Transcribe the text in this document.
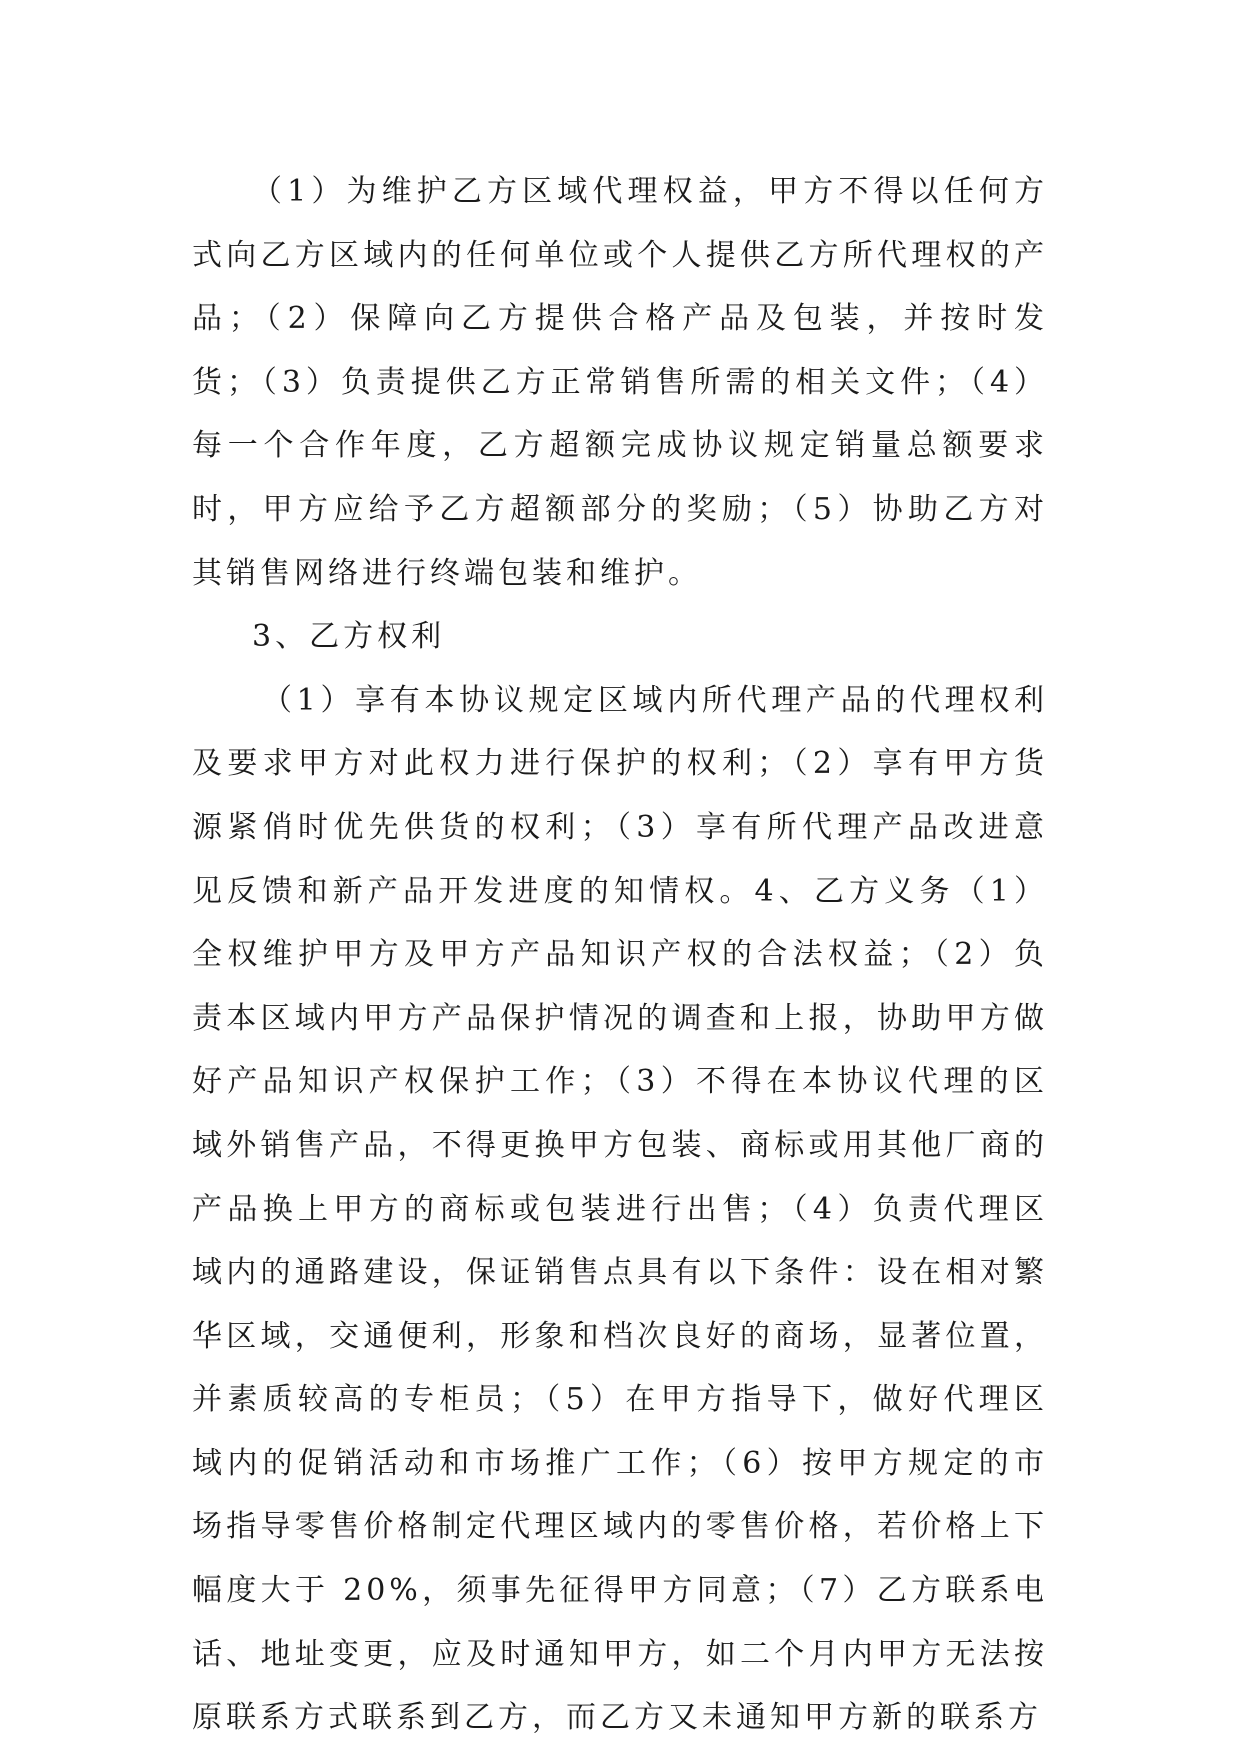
（1）为维护乙方区域代理权益，甲方不得以任何方式向乙方区域内的任何单位或个人提供乙方所代理权的产品；（2）保障向乙方提供合格产品及包装，并按时发货；（3）负责提供乙方正常销售所需的相关文件；（4）每一个合作年度，乙方超额完成协议规定销量总额要求时，甲方应给予乙方超额部分的奖励；（5）协助乙方对其销售网络进行终端包装和维护。

3、乙方权利

（1）享有本协议规定区域内所代理产品的代理权利及要求甲方对此权力进行保护的权利；（2）享有甲方货源紧俏时优先供货的权利；（3）享有所代理产品改进意见反馈和新产品开发进度的知情权。4、乙方义务（1）全权维护甲方及甲方产品知识产权的合法权益；（2）负责本区域内甲方产品保护情况的调查和上报，协助甲方做好产品知识产权保护工作；（3）不得在本协议代理的区域外销售产品，不得更换甲方包装、商标或用其他厂商的产品换上甲方的商标或包装进行出售；（4）负责代理区域内的通路建设，保证销售点具有以下条件：设在相对繁华区域，交通便利，形象和档次良好的商场，显著位置，并素质较高的专柜员；（5）在甲方指导下，做好代理区域内的促销活动和市场推广工作；（6）按甲方规定的市场指导零售价格制定代理区域内的零售价格，若价格上下幅度大于 20%，须事先征得甲方同意；（7）乙方联系电话、地址变更，应及时通知甲方，如二个月内甲方无法按原联系方式联系到乙方，而乙方又未通知甲方新的联系方
